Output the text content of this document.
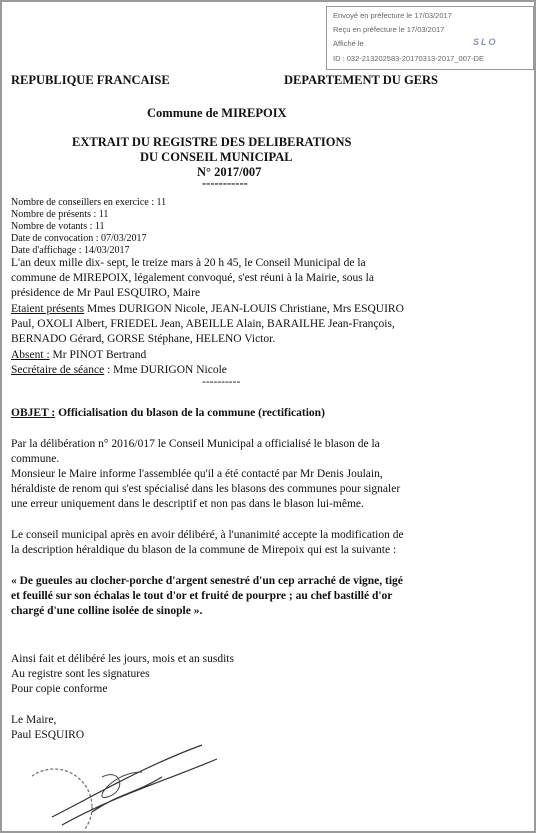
Envoyé en préfecture le 17/03/2017
Reçu en préfecture le 17/03/2017
Affiché le	SLO
ID : 032-213202583-20170313-2017_007-DE
REPUBLIQUE FRANCAISE	DEPARTEMENT DU GERS
Commune de MIREPOIX
EXTRAIT DU REGISTRE DES DELIBERATIONS
DU CONSEIL MUNICIPAL
N° 2017/007
-----------
Nombre de conseillers en exercice : 11
Nombre de présents : 11
Nombre de votants : 11
Date de convocation : 07/03/2017
Date d'affichage : 14/03/2017
L'an deux mille dix- sept, le treize mars à 20 h 45, le Conseil Municipal de la
commune de MIREPOIX, légalement convoqué, s'est réuni à la Mairie, sous la
présidence de Mr Paul ESQUIRO, Maire
Etaient présents Mmes DURIGON Nicole, JEAN-LOUIS Christiane, Mrs ESQUIRO
Paul, OXOLI Albert, FRIEDEL Jean, ABEILLE Alain, BARAILHE Jean-François,
BERNADO Gérard, GORSE Stéphane, HELENO Victor.
Absent : Mr PINOT Bertrand
Secrétaire de séance : Mme DURIGON Nicole
----------
OBJET : Officialisation du blason de la commune (rectification)
Par la délibération n° 2016/017 le Conseil Municipal a officialisé le blason de la
commune.
Monsieur le Maire informe l'assemblée qu'il a été contacté par Mr Denis Joulain,
héraldiste de renom qui s'est spécialisé dans les blasons des communes pour signaler
une erreur uniquement dans le descriptif et non pas dans le blason lui-même.
Le conseil municipal après en avoir délibéré, à l'unanimité accepte la modification de
la description héraldique du blason de la commune de Mirepoix qui est la suivante :
« De gueules au clocher-porche d'argent senestré d'un cep arraché de vigne, tigé
et feuillé sur son échalas le tout d'or et fruité de pourpre ; au chef bastillé d'or
chargé d'une colline isolée de sinople ».
Ainsi fait et délibéré les jours, mois et an susdits
Au registre sont les signatures
Pour copie conforme
Le Maire,
Paul ESQUIRO
